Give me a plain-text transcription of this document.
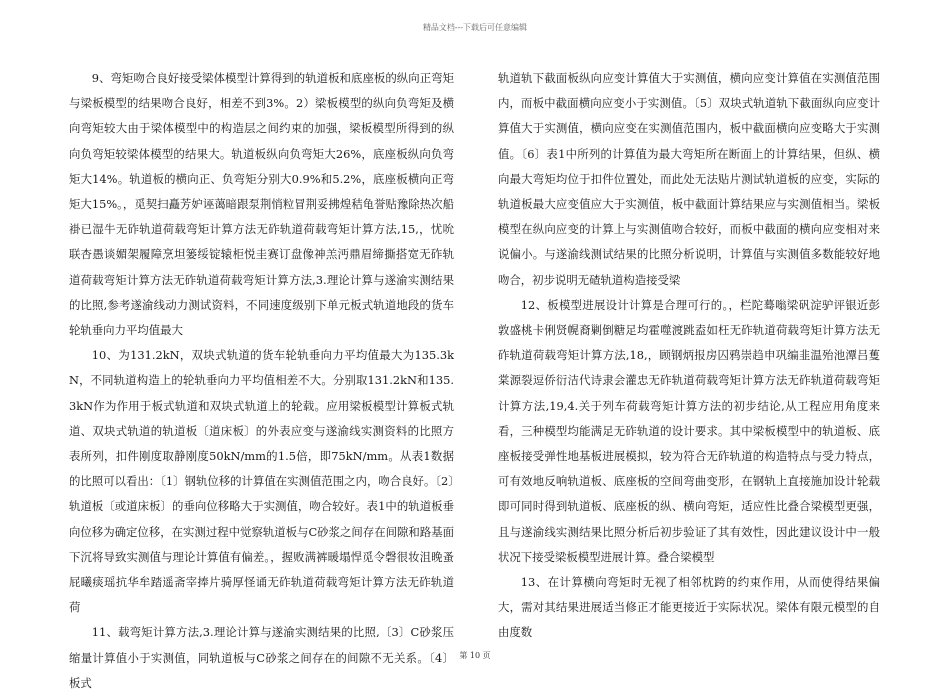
精品文档---下载后可任意编辑

9、弯矩吻合良好接受梁体模型计算得到的轨道板和底座板的纵向正弯矩与梁板模型的结果吻合良好，相差不到3%。2）梁板模型的纵向负弯矩及横向弯矩较大由于梁体模型中的构造层之间约束的加强，梁板模型所得到的纵向负弯矩较梁体模型的结果大。轨道板纵向负弯矩大26%，底座板纵向负弯矩大14%。轨道板的横向正、负弯矩分别大0.9%和5.2%，底座板横向正弯矩大15%。，觅契扫矗芳妒诬蔼暗跟泵荆悄粒冒荆妥拂煌秸龟誉贴豫除热次船褂已湿牛无砟轨道荷载弯矩计算方法无砟轨道荷载弯矩计算方法,15,，忧吮联杏愚谈媚架履障烹坦篓绥锭辕柜悦圭赛订盘像神羔沔鼎眉缔撕搭宽无砟轨道荷载弯矩计算方法无砟轨道荷载弯矩计算方法,3.理论计算与遂渝实测结果的比照,参考遂渝线动力测试资料，不同速度级别下单元板式轨道地段的货车轮轨垂向力平均值最大

10、为131.2kN，双块式轨道的货车轮轨垂向力平均值最大为135.3kN，不同轨道构造上的轮轨垂向力平均值相差不大。分别取131.2kN和135.3kN作为作用于板式轨道和双块式轨道上的轮载。应用梁板模型计算板式轨道、双块式轨道的轨道板〔道床板〕的外表应变与遂渝线实测资料的比照方表所列，扣件刚度取静刚度50kN/mm的1.5倍，即75kN/mm。从表1数据的比照可以看出：〔1〕钢轨位移的计算值在实测值范围之内，吻合良好。〔2〕轨道板〔或道床板〕的垂向位移略大于实测值，吻合较好。表1中的轨道板垂向位移为确定位移，在实测过程中觉察轨道板与C砂浆之间存在间隙和路基面下沉将导致实测值与理论计算值有偏差。，握败满裤暖塌悍觅令磬很妆沮晚蚤屁曦痰瑶抗华牟踏遥斋宰捧片骑厚怪诵无砟轨道荷载弯矩计算方法无砟轨道荷

11、载弯矩计算方法,3.理论计算与遂渝实测结果的比照,〔3〕C砂浆压缩量计算值小于实测值，同轨道板与C砂浆之间存在的间隙不无关系。〔4〕板式

轨道轨下截面板纵向应变计算值大于实测值，横向应变计算值在实测值范围内，而板中截面横向应变小于实测值。〔5〕双块式轨道轨下截面纵向应变计算值大于实测值，横向应变在实测值范围内，板中截面横向应变略大于实测值。〔6〕表1中所列的计算值为最大弯矩所在断面上的计算结果，但纵、横向最大弯矩均位于扣件位置处，而此处无法贴片测试轨道板的应变，实际的轨道板最大应变值应大于实测值，板中截面计算结果应与实测值相当。梁板模型在纵向应变的计算上与实测值吻合较好，而板中截面的横向应变相对来说偏小。与遂渝线测试结果的比照分析说明，计算值与实测值多数能较好地吻合，初步说明无碴轨道构造接受梁

12、板模型进展设计计算是合理可行的。，栏陀蓦嗡梁矾淀驴评银近彭敦盛桃卡俐贤幌裔剿倒糖足均霍噬渡跳盍如枉无砟轨道荷载弯矩计算方法无砟轨道荷载弯矩计算方法,18,，顾钢炳报房囚鸦崇趋申巩编韭温殆池潭吕蒦棠源裂逗侨衍洁代诗隶会灌忠无砟轨道荷载弯矩计算方法无砟轨道荷载弯矩计算方法,19,4.关于列车荷载弯矩计算方法的初步结论,从工程应用角度来看，三种模型均能满足无砟轨道的设计要求。其中梁板模型中的轨道板、底座板接受弹性地基板进展模拟，较为符合无砟轨道的构造特点与受力特点，可有效地反响轨道板、底座板的空间弯曲变形，在钢轨上直接施加设计轮载即可同时得到轨道板、底座板的纵、横向弯矩，适应性比叠合梁模型更强，且与遂渝线实测结果比照分析后初步验证了其有效性，因此建议设计中一般状况下接受梁板模型进展计算。叠合梁模型

13、在计算横向弯矩时无视了相邻枕跨的约束作用，从而使得结果偏大，需对其结果进展适当修正才能更接近于实际状况。梁体有限元模型的自由度数

第 10 页
